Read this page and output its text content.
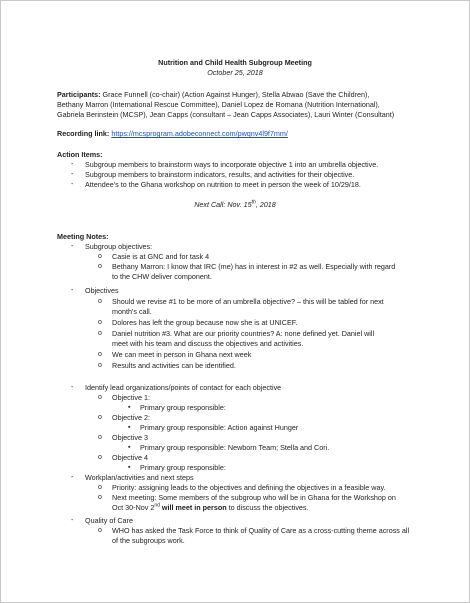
Nutrition and Child Health Subgroup Meeting
October 25, 2018
Participants: Grace Funnell (co-chair) (Action Against Hunger), Stella Abwao (Save the Children),
Bethany Marron (International Rescue Committee), Daniel Lopez de Romana (Nutrition International),
Gabriela Berinstein (MCSP), Jean Capps (consultant – Jean Capps Associates), Lauri Winter (Consultant)
Recording link: https://mcsprogram.adobeconnect.com/pwqnv4l9f7mm/
Action Items:
- Subgroup members to brainstorm ways to incorporate objective 1 into an umbrella objective.
- Subgroup members to brainstorm indicators, results, and activities for their objective.
- Attendee's to the Ghana workshop on nutrition to meet in person the week of 10/29/18.
Next Call: Nov. 15th, 2018
Meeting Notes:
- Subgroup objectives:
o Casie is at GNC and for task 4
o Bethany Marron: I know that IRC (me) has in interest in #2 as well. Especially with regard
to the CHW deliver component.
- Objectives
o Should we revise #1 to be more of an umbrella objective? – this will be tabled for next
month's call.
o Dolores has left the group because now she is at UNICEF.
o Daniel nutrition #3. What are our priority countries? A: none defined yet. Daniel will
meet with his team and discuss the objectives and activities.
o We can meet in person in Ghana next week
o Results and activities can be identified.
- Identify lead organizations/points of contact for each objective
o Objective 1:
▪ Primary group responsible:
o Objective 2:
▪ Primary group responsible: Action against Hunger
o Objective 3
▪ Primary group responsible: Newborn Team; Stella and Cori.
o Objective 4
▪ Primary group responsible:
- Workplan/activities and next steps
o Priority: assigning leads to the objectives and defining the objectives in a feasible way.
o Next meeting: Some members of the subgroup who will be in Ghana for the Workshop on
Oct 30-Nov 2nd will meet in person to discuss the objectives.
- Quality of Care
o WHO has asked the Task Force to think of Quality of Care as a cross-cutting theme across all
of the subgroups work.
